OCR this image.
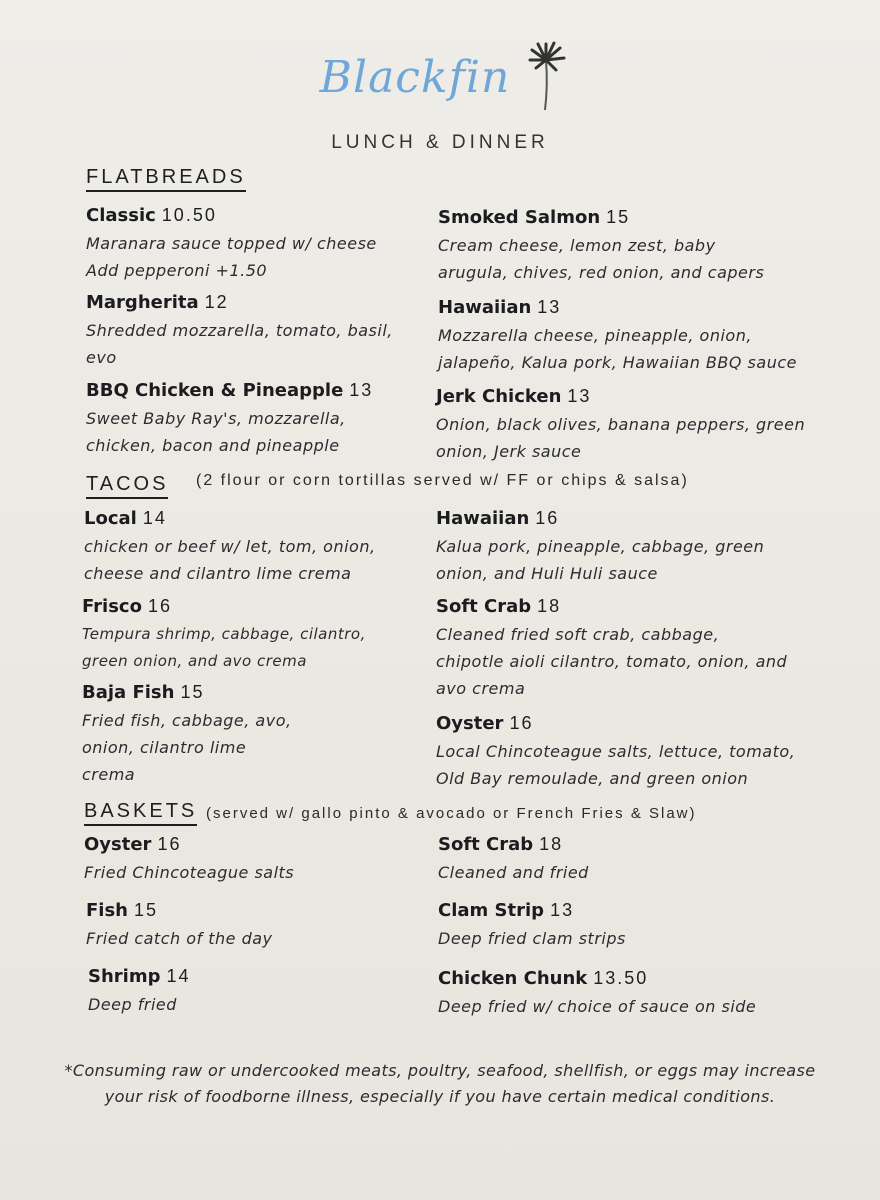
Blackfin
LUNCH & DINNER
FLATBREADS
Classic 10.50
Maranara sauce topped w/ cheese
Add pepperoni +1.50
Smoked Salmon 15
Cream cheese, lemon zest, baby
arugula, chives, red onion, and capers
Margherita 12
Shredded mozzarella, tomato, basil,
evo
Hawaiian 13
Mozzarella cheese, pineapple, onion,
jalapeño, Kalua pork, Hawaiian BBQ sauce
BBQ Chicken & Pineapple 13
Sweet Baby Ray's, mozzarella,
chicken, bacon and pineapple
Jerk Chicken 13
Onion, black olives, banana peppers, green
onion, Jerk sauce
TACOS (2 flour or corn tortillas served w/ FF or chips & salsa)
Local 14
chicken or beef w/ let, tom, onion,
cheese and cilantro lime crema
Hawaiian 16
Kalua pork, pineapple, cabbage, green
onion, and Huli Huli sauce
Frisco 16
Tempura shrimp, cabbage, cilantro,
green onion, and avo crema
Soft Crab 18
Cleaned fried soft crab, cabbage,
chipotle aioli cilantro, tomato, onion, and
avo crema
Baja Fish 15
Fried fish, cabbage, avo,
onion, cilantro lime
crema
Oyster 16
Local Chincoteague salts, lettuce, tomato,
Old Bay remoulade, and green onion
BASKETS (served w/ gallo pinto & avocado or French Fries & Slaw)
Oyster 16
Fried Chincoteague salts
Soft Crab 18
Cleaned and fried
Fish 15
Fried catch of the day
Clam Strip 13
Deep fried clam strips
Shrimp 14
Deep fried
Chicken Chunk 13.50
Deep fried w/ choice of sauce on side
*Consuming raw or undercooked meats, poultry, seafood, shellfish, or eggs may increase
your risk of foodborne illness, especially if you have certain medical conditions.
